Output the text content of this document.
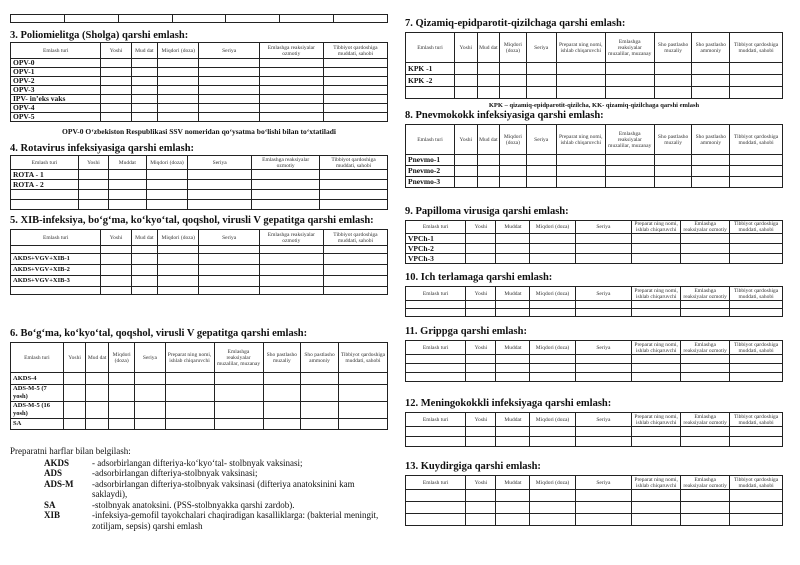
3. Poliomielitga (Sholga) qarshi emlash:
Emlash turi	Yoshi	Mud dat	Miqdori (doza)	Seriya	Emlashga reaksiyalar ozmotiy	Tibbiyot qardoshiga muddati, sahobi
OPV-0						
OPV-1						
OPV-2						
OPV-3						
IPV- in’eks vaks						
OPV-4						
OPV-5						
OPV-0 O‘zbekiston Respublikasi SSV nomeridan qo‘ysatma bo‘lishi bilan to‘xtatiladi
4. Rotavirus infeksiyasiga qarshi emlash:
Emlash turi	Yoshi	Muddat	Miqdori (doza)	Seriya	Emlashga reaksiyalar ozmotiy	Tibbiyot qardoshiga muddati, sahobi
ROTA - 1						
ROTA - 2						

5. XIB-infeksiya, bo‘g‘ma, ko‘kyo‘tal, qoqshol, virusli V gepatitga qarshi emlash:
Emlash turi	Yoshi	Mud dat	Miqdori (doza)	Seriya	Emlashga reaksiyalar ozmotiy	Tibbiyot qardoshiga muddati, sahobi

AKDS+VGV+XIB-1						
AKDS+VGV+XIB-2						
AKDS+VGV+XIB-3						

6. Bo‘g‘ma, ko‘kyo‘tal, qoqshol, virusli V gepatitga qarshi emlash:
Emlash turi	Yoshi	Mud dat	Miqdori (doza)	Seriya	Preparat ning nomi, ishlab chiqaruvchi	Emlashga reaksiyalar muzalilar, muzanay	Sho pastlasho muzaliy	Sho pastlasho ammoniy	Tibbiyot qardoshiga muddati, sahobi
AKDS-4									
ADS-M-5 (7 yosh)									
ADS-M-5 (16 yosh)									
SA									
Preparatni harflar bilan belgilash:
AKDS	- adsorbirlangan difteriya-ko‘kyo‘tal- stolbnyak vaksinasi;
ADS	-adsorbirlangan difteriya-stolbnyak vaksinasi;
ADS-M	-adsorbirlangan difteriya-stolbnyak vaksinasi (difteriya anatoksinini kam saklaydi),
SA	-stolbnyak anatoksini. (PSS-stolbnyakka qarshi zardob).
XIB	-infeksiya-gemofil tayokchalari chaqiradigan kasalliklarga: (bakterial meningit, zotiljam, sepsis) qarshi emlash
7. Qizamiq-epidparotit-qizilchaga qarshi emlash:
Emlash turi	Yoshi	Mud dat	Miqdori (doza)	Seriya	Preparat ning nomi, ishlab chiqaruvchi	Emlashga reaksiyalar muzalilar, muzanay	Sho pastlasho muzaliy	Sho pastlasho ammoniy	Tibbiyot qardoshiga muddati, sahobi
KPK -1									
KPK -2									

KPK – qizamiq-epidparotit-qizilcha, KK- qizamiq-qizilchaga qarshi emlash
8. Pnevmokokk infeksiyasiga qarshi emlash:
Emlash turi	Yoshi	Mud dat	Miqdori (doza)	Seriya	Preparat ning nomi, ishlab chiqaruvchi	Emlashga reaksiyalar muzalilar, muzanay	Sho pastlasho muzaliy	Sho pastlasho ammoniy	Tibbiyot qardoshiga muddati, sahobi
Pnevmo-1									
Pnevmo-2									
Pnevmo-3									
9. Papilloma virusiga qarshi emlash:
Emlash turi	Yoshi	Muddat	Miqdori (doza)	Seriya	Preparat ning nomi, ishlab chiqaruvchi	Emlashga reaksiyalar ozmotiy	Tibbiyot qardoshiga muddati, sahobi
VPCh-1							
VPCh-2							
VPCh-3							
10. Ich terlamaga qarshi emlash:
Emlash turi	Yoshi	Muddat	Miqdori (doza)	Seriya	Preparat ning nomi, ishlab chiqaruvchi	Emlashga reaksiyalar ozmotiy	Tibbiyot qardoshiga muddati, sahobi

11. Grippga qarshi emlash:
Emlash turi	Yoshi	Muddat	Miqdori (doza)	Seriya	Preparat ning nomi, ishlab chiqaruvchi	Emlashga reaksiyalar ozmotiy	Tibbiyot qardoshiga muddati, sahobi

12. Meningokokkli infeksiyaga qarshi emlash:
Emlash turi	Yoshi	Muddat	Miqdori (doza)	Seriya	Preparat ning nomi, ishlab chiqaruvchi	Emlashga reaksiyalar ozmotiy	Tibbiyot qardoshiga muddati, sahobi

13. Kuydirgiga qarshi emlash:
Emlash turi	Yoshi	Muddat	Miqdori (doza)	Seriya	Preparat ning nomi, ishlab chiqaruvchi	Emlashga reaksiyalar ozmotiy	Tibbiyot qardoshiga muddati, sahobi
